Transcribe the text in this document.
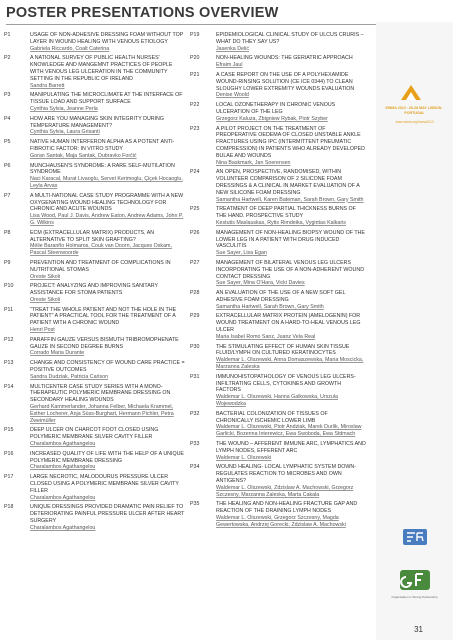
POSTER PRESENTATIONS OVERVIEW
P1	USAGE OF NON-ADHESIVE DRESSING FOAM WITHOUT TOP LAYER IN WOUND HEALING WITH VENOUS ETIOLOGY
Gabriela Riccardo, Coalt Caterina
P2	A NATIONAL SURVEY OF PUBLIC HEALTH NURSES' KNOWLEDGE AND MANGEMNT PRACTICES OF PEOPLE WITH VENOUS LEG ULCERATION IN THE COMMUNITY SETTING IN THE REPUBLIC OF IRELAND
Sandra Barrett
P3	MANIPULATING THE MICROCLIMATE AT THE INTERFACE OF TISSUE LOAD AND SUPPORT SURFACE
Cynthia Sylvia, Jeanne Perla
P4	HOW ARE YOU MANAGING SKIN INTEGRITY DURING TEMPERATURE MANAGEMENT?
Cynthia Sylvia, Laura Grisanti
P5	NATIVE HUMAN INTERFERON ALPHA AS A POTENT ANTI-FIBROTIC FACTOR: IN VITRO STUDY
Goran Santak, Maja Santak, Dubravko Forčić
P6	MUNCHAUSEN'S SYNDROME: A RARE SELF-MUTILATION SYNDROME
Naci Karacal, Murat Livaoglu, Servet Kerimoglu, Çiçek Hocaoglu, Leyla Arvas
P7	A MULTI-NATIONAL CASE STUDY PROGRAMME WITH A NEW OXYGENATING WOUND HEALING TECHNOLOGY FOR CHRONIC AND ACUTE WOUNDS
Lisa Wood, Paul J. Davis, Andrew Eaton, Andrew Adams, John P. G. Wilkins
P8	ECM (EXTRACELLULAR MATRIX) PRODUCTS, AN ALTERNATIVE TO SPLIT SKIN GRAFTING?
Mélie Baranño Holmaros, Couk van Doorn, Jacques Oskam, Pascal Steenwoorde
P9	PREVENTION AND TREATMENT OF COMPLICATIONS IN NUTRITIONAL STOMAS
Oreste Sikoli
P10	PROJECT: ANALYZING AND IMPROVING SANITARY ASSISTANCE FOR STOMA PATIENTS
Oreste Sikoli
P11	"TREAT THE WHOLE PATIENT AND NOT THE HOLE IN THE PATIENT" A PRACTICAL TOOL FOR THE TREATMENT OF A PATIENT WITH A CHRONIC WOUND
Henri Post
P12	PARAFFIN GAUZE VERSUS BISMUTH TRIBROMOPHENATE GAUZE IN SECOND DEGREE BURNS
Corrado Maria Durante
P13	CHANGE AND CONSISTENCY OF WOUND CARE PRACTICE = POSITIVE OUTCOMES
Sandra Dudziak, Patricia Carlson
P14	MULTICENTER CASE STUDY SERIES WITH A MONO-THERAPEUTIC POLYMERIC MEMBRANE DRESSING ON SECONDARY HEALING WOUNDS
Gerhard Kammerlander, Johanna Felber, Michaela Krammel, Esther Locherer, Anja Süss-Burghart, Hermann Pichler, Petra Zweimüller
P15	DEEP ULCER ON CHARCOT FOOT CLOSED USING POLYMERIC MEMBRANE SILVER CAVITY FILLER
Charalambos Agathangelou
P16	INCREASED QUALITY OF LIFE WITH THE HELP OF A UNIQUE POLYMERIC MEMBRANE DRESSING
Charalambos Agathangelou
P17	LARGE NECROTIC, MALODOURUS PRESSURE ULCER CLOSED USING A POLYMERIC MEMBRANE SILVER CAVITY FILLER
Charalambos Agathangelou
P18	UNIQUE DRESSINGS PROVIDED DRAMATIC PAIN RELIEF TO DETERIORATING PAINFUL PRESSURE ULCER AFTER HEART SURGERY
Charalambos Agathangelou
P19	EPIDEMIOLOGICAL CLINICAL STUDY OF ULCUS CRURIS – WHAT DO THEY SAY US?
Jasenka Delić
P20	NON-HEALING WOUNDS: THE GERIATRIC APPROACH
Efraim Jaul
P21	A CASE REPORT ON THE USE OF A POLYHEXAMIDE WOUND-RINSING SOLUTION (CE ICE 0344) TO CLEAN SLOUGHY LOWER EXTREMITY WOUNDS EVALUATION
Denise Woold
P22	LOCAL OZONETHERAPY IN CHRONIC VENOUS ULCERATION OF THE LEG
Grzegorz Kaluza, Zbigniew Rybak, Piotr Szyber
P23	A PILOT PROJECT ON THE TREATMENT OF PREOPERATIVE OEDEMA OF CLOSED UNSTABLE ANKLE FRACTURES USING IPC (INTERMITTENT PNEUMATIC COMPRESSION) IN PATIENTS WHO ALREADY DEVELOPED BULAE AND WOUNDS
Nina Baskmark, Jan Soerensen
P24	AN OPEN, PROSPECTIVE, RANDOMISED, WITHIN VOLUNTEER COMPARISON OF 2 SILICONE FOAM DRESSINGS & A CLINICAL IN MARKET EVALUATION OF A NEW SILICONE FOAM DRESSING
Samantha Hartwell, Karen Bateman, Sarah Brown, Gary Smith
P25	TREATMENT OF DEEP PARTIAL THICKNESS BURNS OF THE HAND. PROSPECTIVE STUDY
Kestutis Maslauskas, Rytis Rimdeika, Vygintas Kalkaris
P26	MANAGEMENT OF NON-HEALING BIOPSY WOUND OF THE LOWER LEG IN A PATIENT WITH DRUG INDUCED VASCULITIS
Sue Sayer, Lisa Egan
P27	MANAGEMENT OF BILATERAL VENOUS LEG ULCERS INCORPORATING THE USE OF A NON-ADHERENT WOUND CONTACT DRESSING
Sue Sayer, Mina O'Hara, Vicki Davies
P28	AN EVALUATION OF THE USE OF A NEW SOFT GEL ADHESIVE FOAM DRESSING
Samantha Hartwell, Sarah Brown, Gary Smith
P29	EXTRACELLULAR MATRIX PROTEIN (AMELOGENIN) FOR WOUND TREATMENT ON A HARD-TO-HEAL VENOUS LEG ULCER
Maria Isabel Romo Sanz, Juanz Vela Real
P30	THE STIMULATING EFFECT OF HUMAN SKIN TISSUE FLUID/LYMPH ON CULTURED KERATINOCYTES
Waldemar L. Olszewski, Anna Domaszewska, Maria Moscicka, Marzanna Zaleska
P31	IMMUNOHISTOPATHOLOGY OF VENOUS LEG ULCERS-INFILTRATING CELLS, CYTOKINES AND GROWTH FACTORS
Waldemar L. Olszewski, Hanna Galkowska, Urszula Wojewodzka
P32	BACTERIAL COLONIZATION OF TISSUES OF CHRONICALLY ISCHEMIC LOWER LIMB
Waldemar L. Olszewski, Piotr Andziak, Marek Durlik, Miroslaw Garlicki, Bozenna Interewicz, Ewa Swoboda, Ewa Stdmach
P33	THE WOUND – AFFERENT IMMUNE ARC, LYMPHATICS AND LYMPH NODES, EFFERENT ARC
Waldemar L. Olszewski
P34	WOUND HEALING- LOCAL LYMPHATIC SYSTEM DOWN-REGULATES REACTION TO MICROBES AND OWN ANTIGENS?
Waldemar L. Olszewski, Zdzislaw A. Machowski, Grzegorz Szczesny, Marzanna Zaleska, Marta Cakala
P35	THE HEALING AND NON-HEALING FRACTURE GAP AND REACTION OF THE DRAINING LYMPH NODES
Waldemar L. Olszewski, Grzegorz Szczesny, Magda Gewertowska, Andrzej Gorecki, Zdzislaw A. Machowski
EWMA 2010 · 26-28 MAY LISBON · PORTUGAL
www.ewma.org/ewma2010
Organisation in Strong Partnership
31
